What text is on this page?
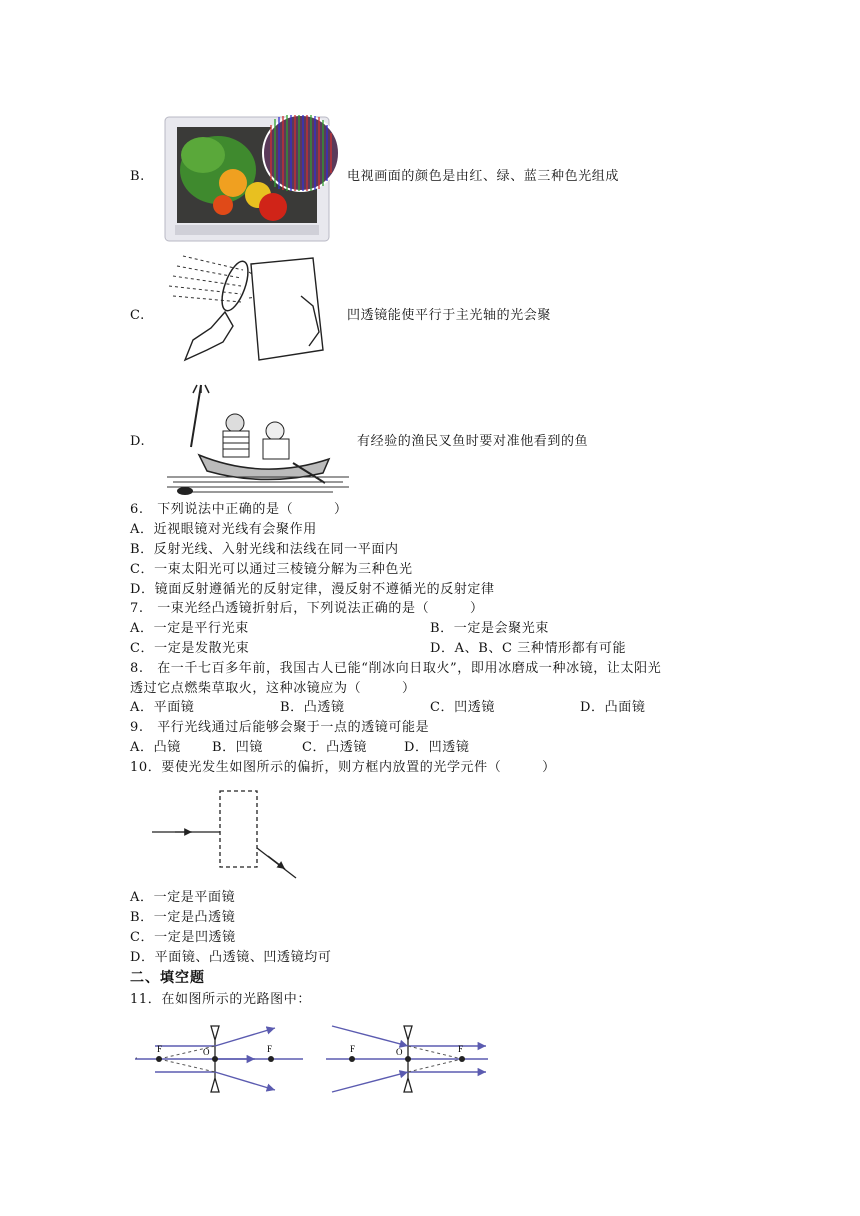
B.	电视画面的颜色是由红、绿、蓝三种色光组成
C.	凹透镜能使平行于主光轴的光会聚
D.	有经验的渔民叉鱼时要对准他看到的鱼
6.　下列说法中正确的是（　　　）
A．近视眼镜对光线有会聚作用
B．反射光线、入射光线和法线在同一平面内
C．一束太阳光可以通过三棱镜分解为三种色光
D．镜面反射遵循光的反射定律，漫反射不遵循光的反射定律
7.　一束光经凸透镜折射后，下列说法正确的是（　　　）
A．一定是平行光束	B．一定是会聚光束
C．一定是发散光束	D．A、B、C 三种情形都有可能
8.　在一千七百多年前，我国古人已能“削冰向日取火”，即用冰磨成一种冰镜，让太阳光
透过它点燃柴草取火，这种冰镜应为（　　　）
A．平面镜	B．凸透镜	C．凹透镜	D．凸面镜
9.　平行光线通过后能够会聚于一点的透镜可能是
A．凸镜 B．凹镜	C．凸透镜	D．凹透镜
10．要使光发生如图所示的偏折，则方框内放置的光学元件（　　　）
A．一定是平面镜
B．一定是凸透镜
C．一定是凹透镜
D．平面镜、凸透镜、凹透镜均可
二、填空题
11．在如图所示的光路图中：
F	O	F
·
F	O	F
